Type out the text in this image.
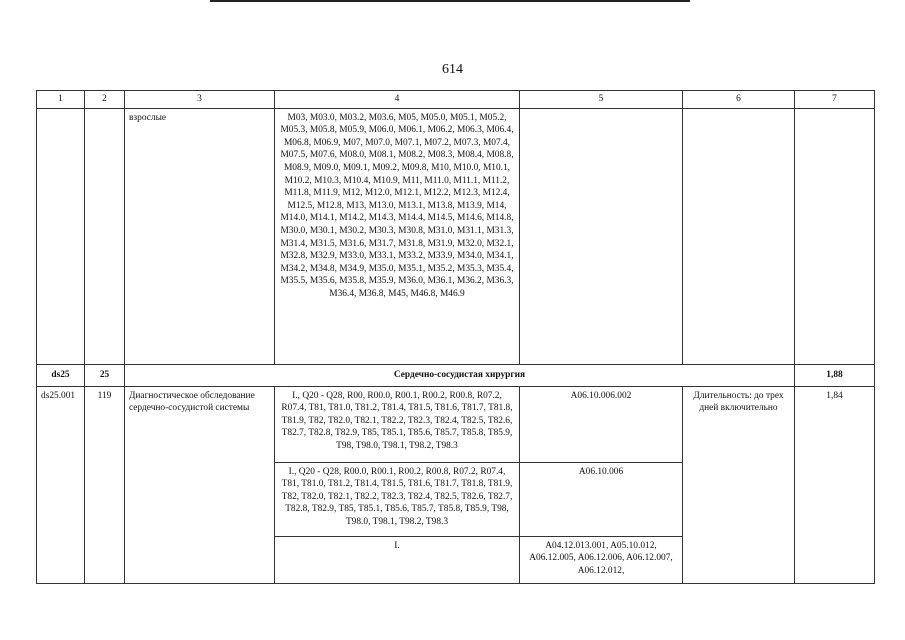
614
1	2	3	4	5	6	7
		взрослые	M03, M03.0, M03.2, M03.6, M05, M05.0, M05.1, M05.2, M05.3, M05.8, M05.9, M06.0, M06.1, M06.2, M06.3, M06.4, M06.8, M06.9, M07, M07.0, M07.1, M07.2, M07.3, M07.4, M07.5, M07.6, M08.0, M08.1, M08.2, M08.3, M08.4, M08.8, M08.9, M09.0, M09.1, M09.2, M09.8, M10, M10.0, M10.1, M10.2, M10.3, M10.4, M10.9, M11, M11.0, M11.1, M11.2, M11.8, M11.9, M12, M12.0, M12.1, M12.2, M12.3, M12.4, M12.5, M12.8, M13, M13.0, M13.1, M13.8, M13.9, M14, M14.0, M14.1, M14.2, M14.3, M14.4, M14.5, M14.6, M14.8, M30.0, M30.1, M30.2, M30.3, M30.8, M31.0, M31.1, M31.3, M31.4, M31.5, M31.6, M31.7, M31.8, M31.9, M32.0, M32.1, M32.8, M32.9, M33.0, M33.1, M33.2, M33.9, M34.0, M34.1, M34.2, M34.8, M34.9, M35.0, M35.1, M35.2, M35.3, M35.4, M35.5, M35.6, M35.8, M35.9, M36.0, M36.1, M36.2, M36.3, M36.4, M36.8, M45, M46.8, M46.9			
ds25	25	Сердечно-сосудистая хирургия				1,88
ds25.001	119	Диагностическое обследование сердечно-сосудистой системы	I., Q20 - Q28, R00, R00.0, R00.1, R00.2, R00.8, R07.2, R07.4, T81, T81.0, T81.2, T81.4, T81.5, T81.6, T81.7, T81.8, T81.9, T82, T82.0, T82.1, T82.2, T82.3, T82.4, T82.5, T82.6, T82.7, T82.8, T82.9, T85, T85.1, T85.6, T85.7, T85.8, T85.9, T98, T98.0, T98.1, T98.2, T98.3	A06.10.006.002	Длительность: до трех дней включительно	1,84
			I., Q20 - Q28, R00.0, R00.1, R00.2, R00.8, R07.2, R07.4, T81, T81.0, T81.2, T81.4, T81.5, T81.6, T81.7, T81.8, T81.9, T82, T82.0, T82.1, T82.2, T82.3, T82.4, T82.5, T82.6, T82.7, T82.8, T82.9, T85, T85.1, T85.6, T85.7, T85.8, T85.9, T98, T98.0, T98.1, T98.2, T98.3	A06.10.006		
			I.	A04.12.013.001, A05.10.012, A06.12.005, A06.12.006, A06.12.007, A06.12.012,		
